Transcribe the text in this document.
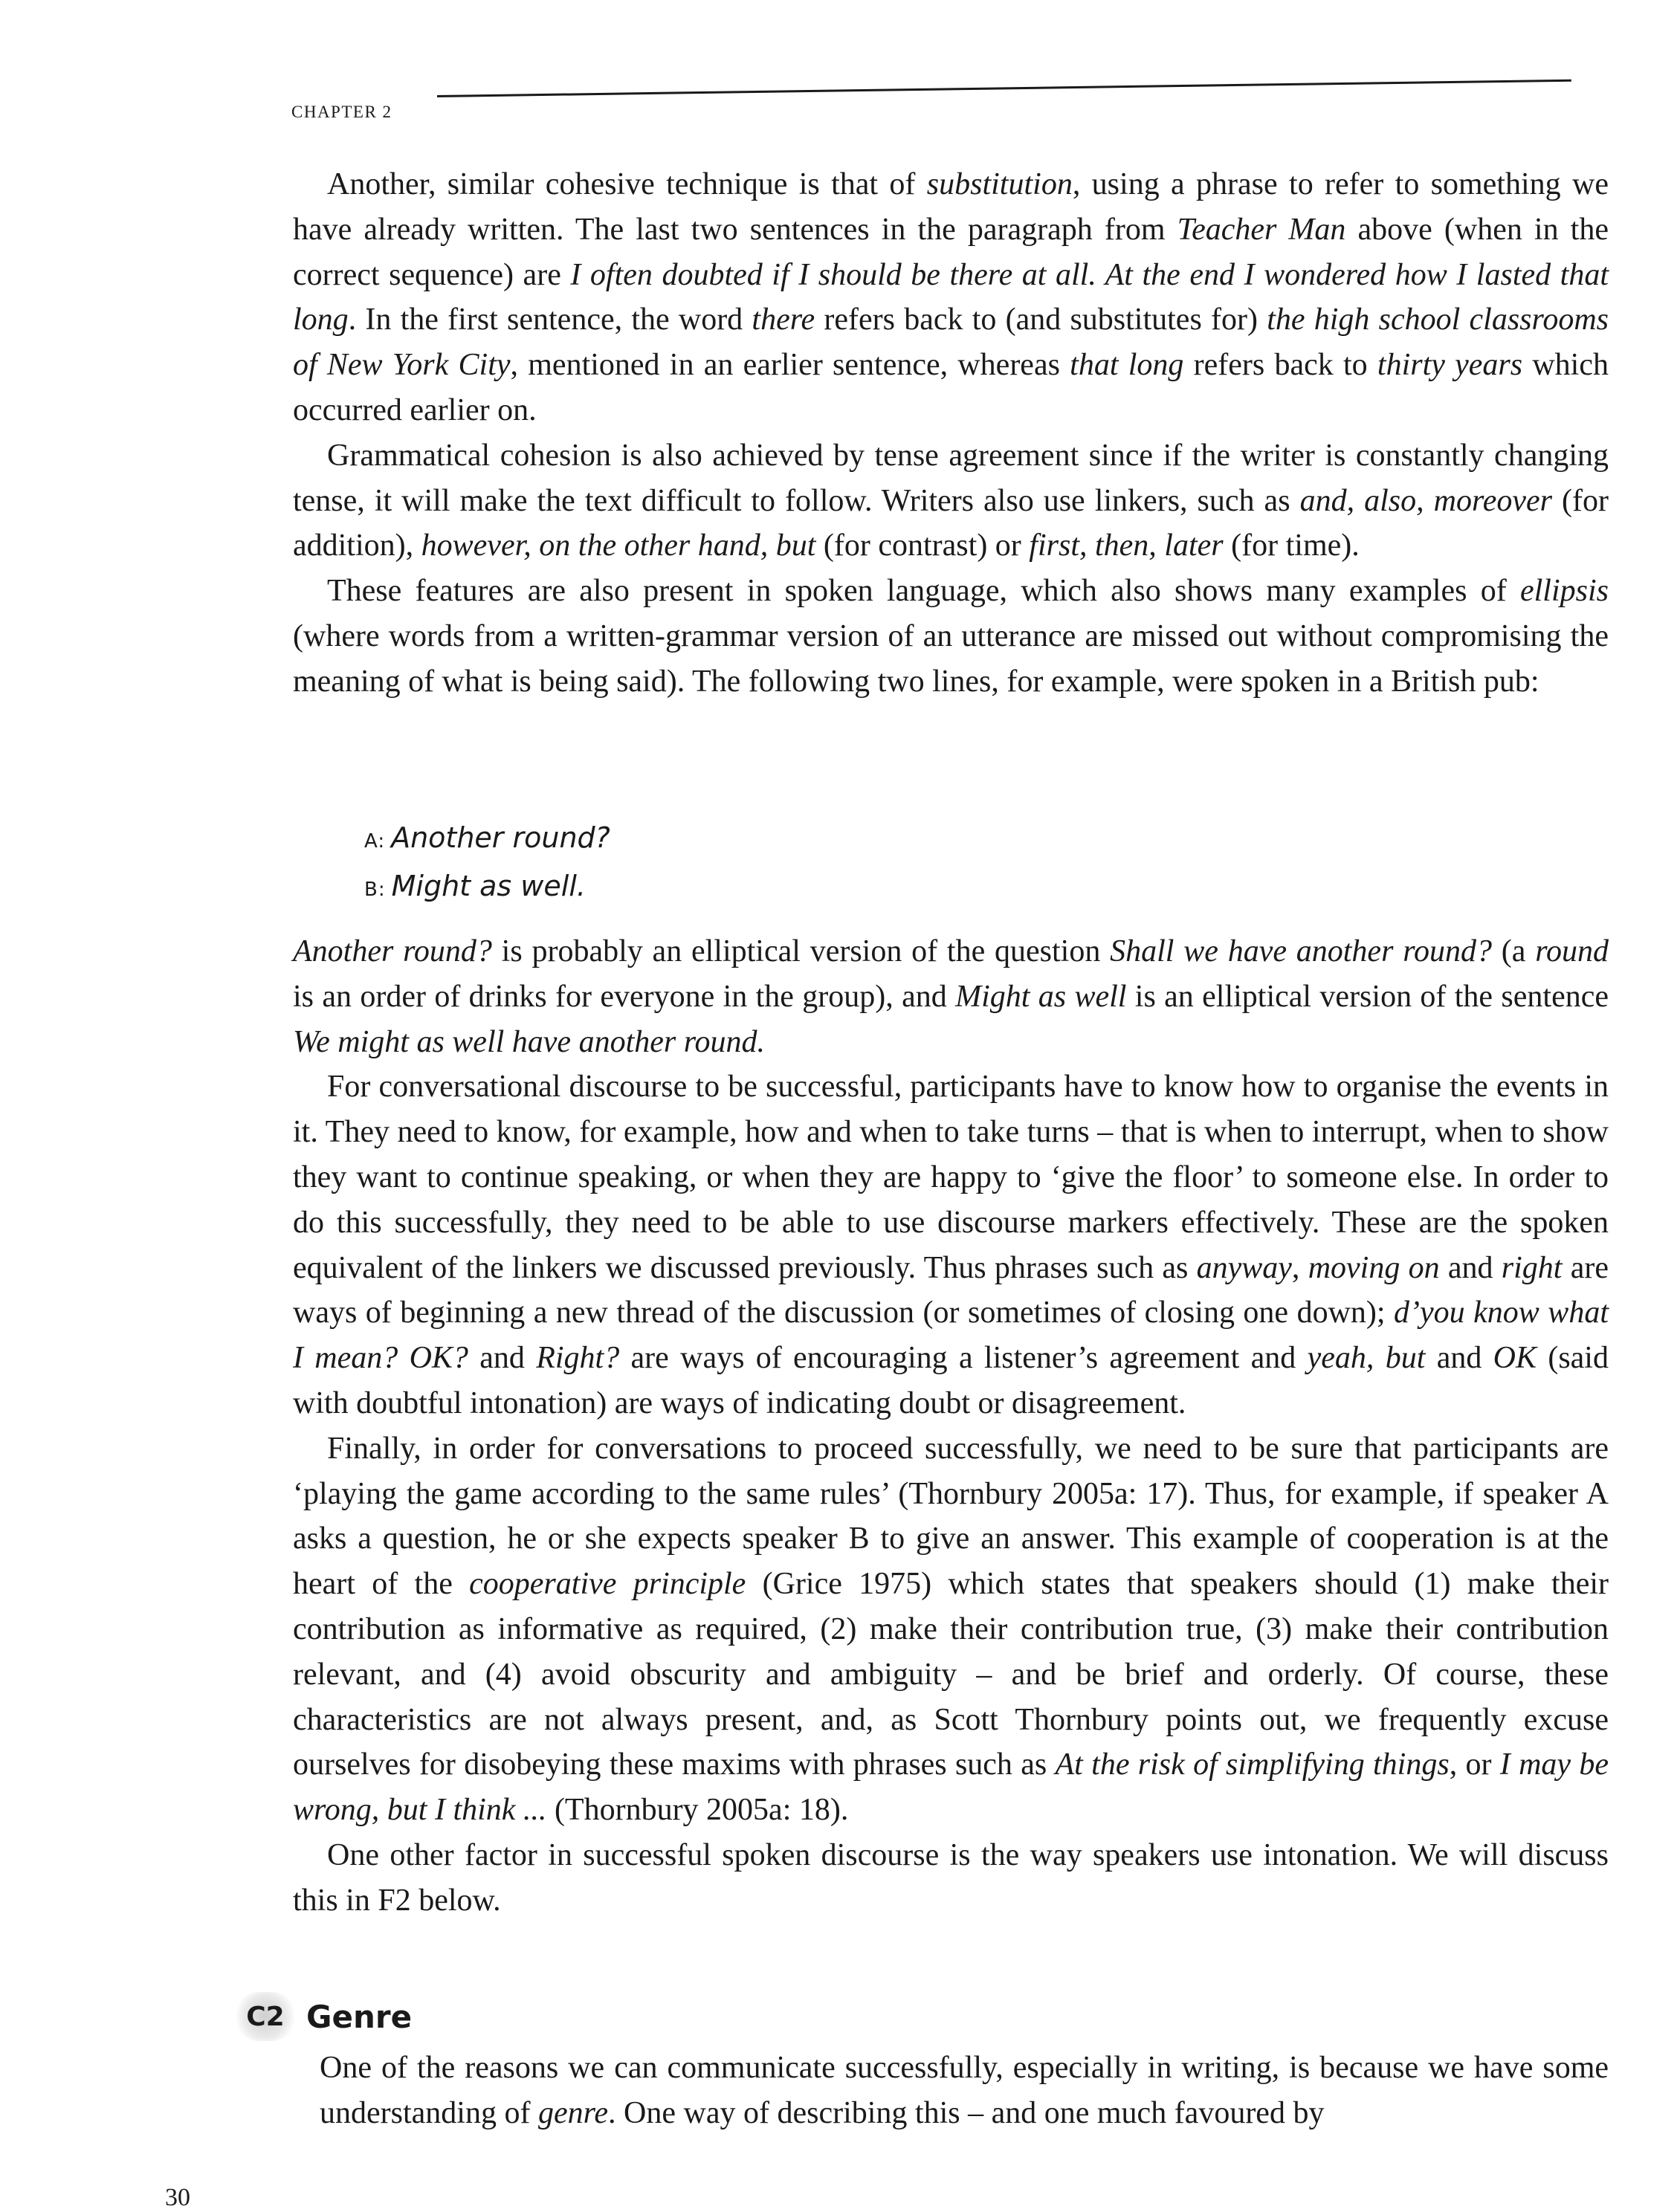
CHAPTER 2

Another, similar cohesive technique is that of substitution, using a phrase to refer to something we have already written. The last two sentences in the paragraph from Teacher Man above (when in the correct sequence) are I often doubted if I should be there at all. At the end I wondered how I lasted that long. In the first sentence, the word there refers back to (and substitutes for) the high school classrooms of New York City, mentioned in an earlier sentence, whereas that long refers back to thirty years which occurred earlier on.

Grammatical cohesion is also achieved by tense agreement since if the writer is constantly changing tense, it will make the text difficult to follow. Writers also use linkers, such as and, also, moreover (for addition), however, on the other hand, but (for contrast) or first, then, later (for time).

These features are also present in spoken language, which also shows many examples of ellipsis (where words from a written-grammar version of an utterance are missed out without compromising the meaning of what is being said). The following two lines, for example, were spoken in a British pub:

A: Another round?
B: Might as well.

Another round? is probably an elliptical version of the question Shall we have another round? (a round is an order of drinks for everyone in the group), and Might as well is an elliptical version of the sentence We might as well have another round.

For conversational discourse to be successful, participants have to know how to organise the events in it. They need to know, for example, how and when to take turns – that is when to interrupt, when to show they want to continue speaking, or when they are happy to ‘give the floor’ to someone else. In order to do this successfully, they need to be able to use discourse markers effectively. These are the spoken equivalent of the linkers we discussed previously. Thus phrases such as anyway, moving on and right are ways of beginning a new thread of the discussion (or sometimes of closing one down); d’you know what I mean? OK? and Right? are ways of encouraging a listener’s agreement and yeah, but and OK (said with doubtful intonation) are ways of indicating doubt or disagreement.

Finally, in order for conversations to proceed successfully, we need to be sure that participants are ‘playing the game according to the same rules’ (Thornbury 2005a: 17). Thus, for example, if speaker A asks a question, he or she expects speaker B to give an answer. This example of cooperation is at the heart of the cooperative principle (Grice 1975) which states that speakers should (1) make their contribution as informative as required, (2) make their contribution true, (3) make their contribution relevant, and (4) avoid obscurity and ambiguity – and be brief and orderly. Of course, these characteristics are not always present, and, as Scott Thornbury points out, we frequently excuse ourselves for disobeying these maxims with phrases such as At the risk of simplifying things, or I may be wrong, but I think ... (Thornbury 2005a: 18).

One other factor in successful spoken discourse is the way speakers use intonation. We will discuss this in F2 below.

C2 Genre

One of the reasons we can communicate successfully, especially in writing, is because we have some understanding of genre. One way of describing this – and one much favoured by

30
